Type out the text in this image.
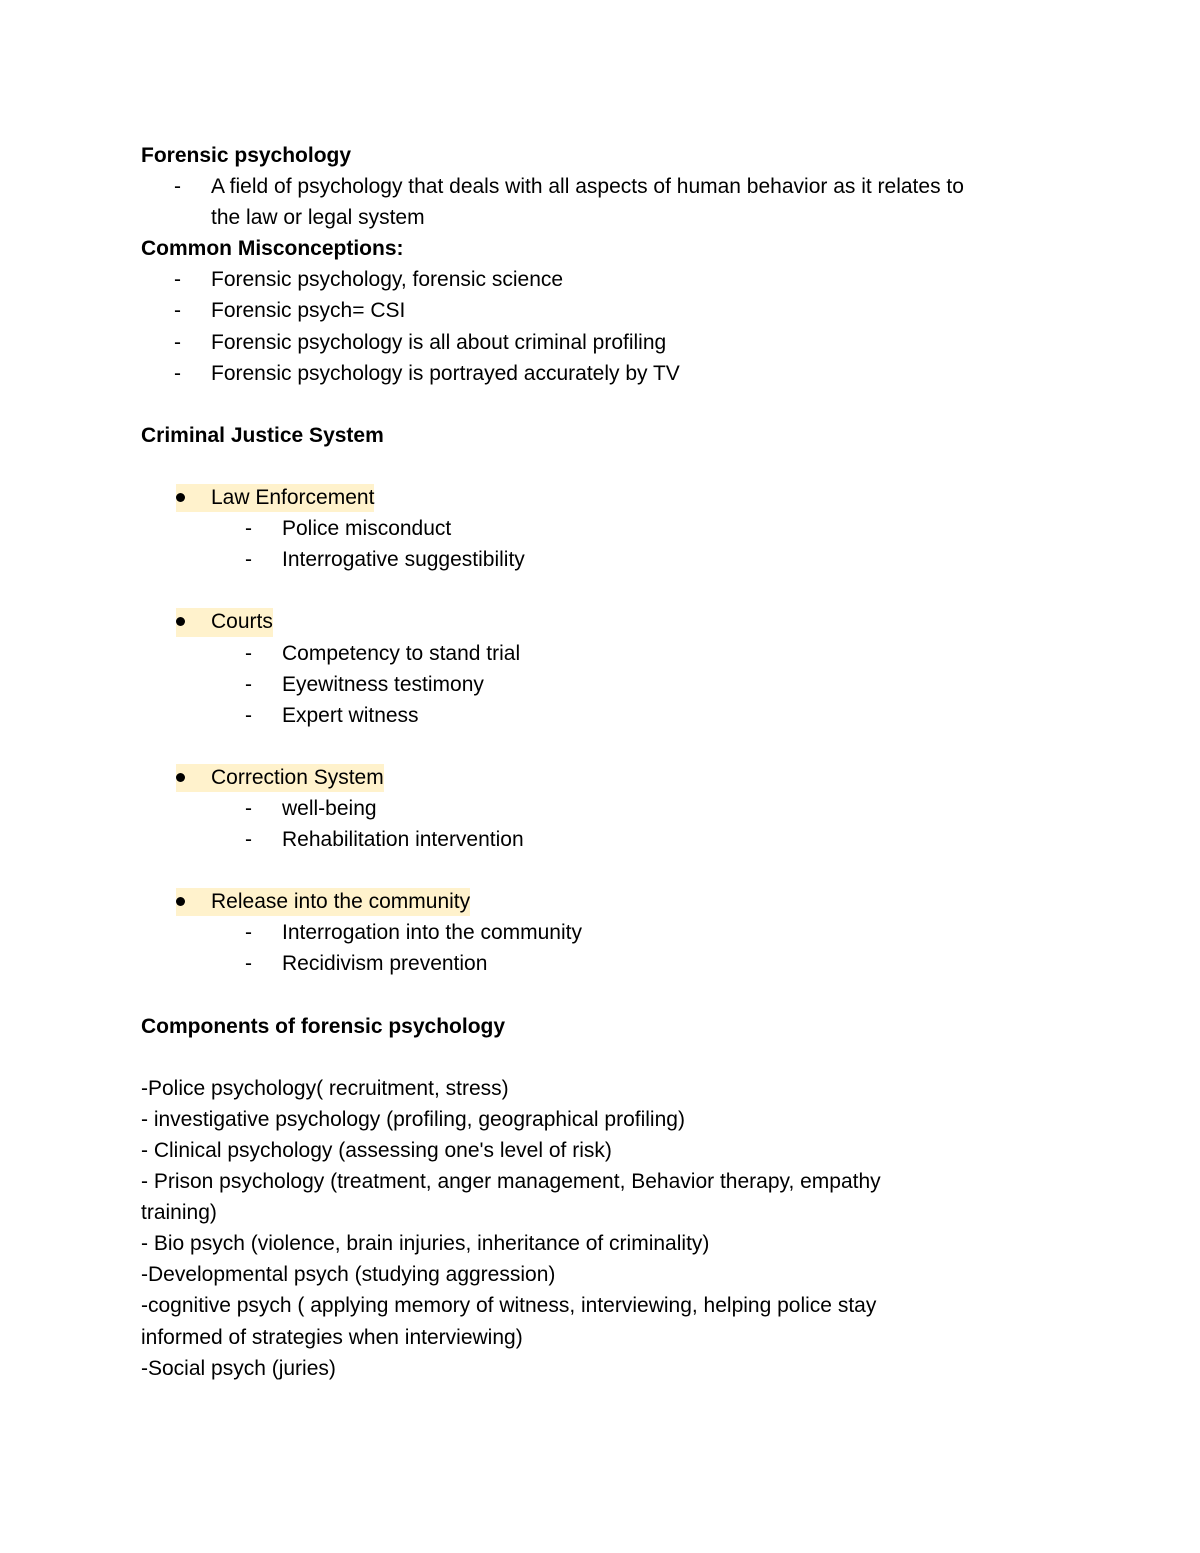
Forensic psychology
- A field of psychology that deals with all aspects of human behavior as it relates to
the law or legal system
Common Misconceptions:
- Forensic psychology, forensic science
- Forensic psych= CSI
- Forensic psychology is all about criminal profiling
- Forensic psychology is portrayed accurately by TV
Criminal Justice System
Law Enforcement
- Police misconduct
- Interrogative suggestibility
Courts
- Competency to stand trial
- Eyewitness testimony
- Expert witness
Correction System
- well-being
- Rehabilitation intervention
Release into the community
- Interrogation into the community
- Recidivism prevention
Components of forensic psychology
-Police psychology( recruitment, stress)
- investigative psychology (profiling, geographical profiling)
- Clinical psychology (assessing one's level of risk)
- Prison psychology (treatment, anger management, Behavior therapy, empathy
training)
- Bio psych (violence, brain injuries, inheritance of criminality)
-Developmental psych (studying aggression)
-cognitive psych ( applying memory of witness, interviewing, helping police stay
informed of strategies when interviewing)
-Social psych (juries)
